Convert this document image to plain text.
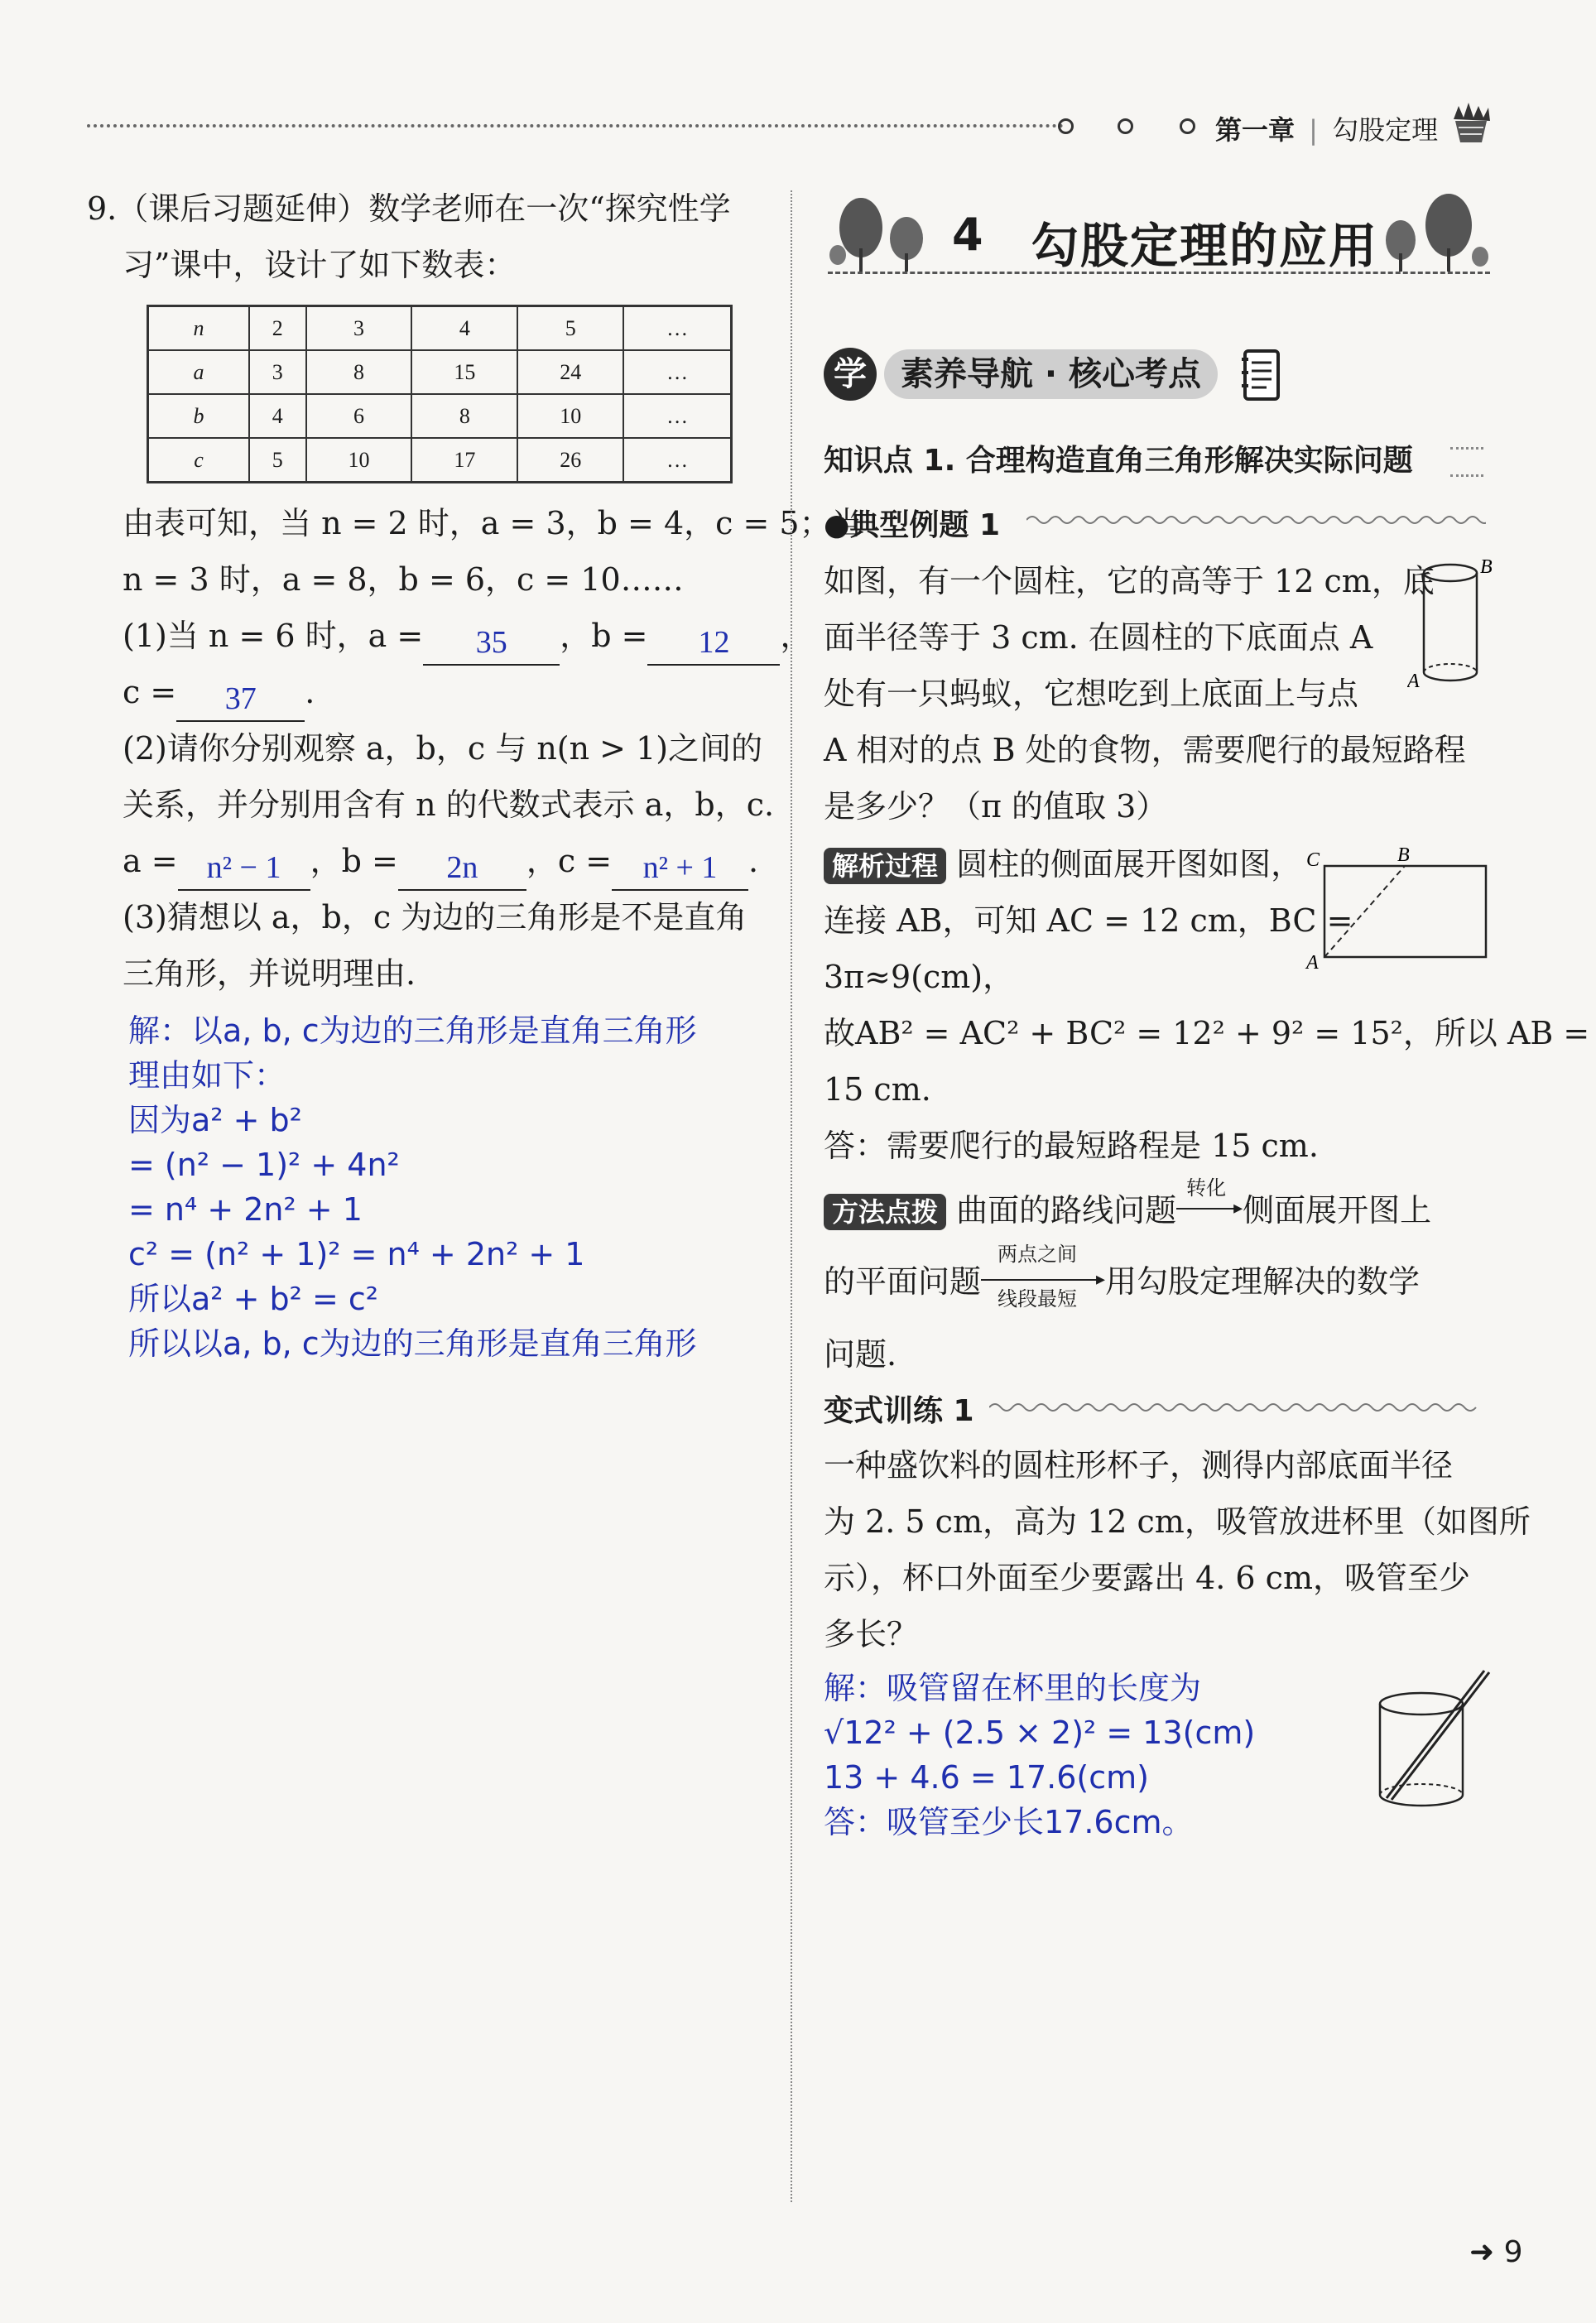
第一章 | 勾股定理
9.（课后习题延伸）数学老师在一次“探究性学
习”课中，设计了如下数表：
n	2	3	4	5	…
a	3	8	15	24	…
b	4	6	8	10	…
c	5	10	17	26	…
由表可知，当 n = 2 时，a = 3，b = 4，c = 5；当
n = 3 时，a = 8，b = 6，c = 10……
(1)当 n = 6 时，a =	35	，b =	12	，
c =	37	.
(2)请你分别观察 a，b，c 与 n(n > 1)之间的
关系，并分别用含有 n 的代数式表示 a，b，c.
a = n² − 1 ，b =	2n	，c = n² + 1 .
(3)猜想以 a，b，c 为边的三角形是不是直角
三角形，并说明理由.
解：以a, b, c为边的三角形是直角三角形
理由如下：
因为a² + b²
= (n² − 1)² + 4n²
= n⁴ + 2n² + 1
c² = (n² + 1)² = n⁴ + 2n² + 1
所以a² + b² = c²
所以以a, b, c为边的三角形是直角三角形
4 勾股定理的应用
学	素养导航 · 核心考点
知识点 1. 合理构造直角三角形解决实际问题
●典型例题 1
如图，有一个圆柱，它的高等于 12 cm，底
面半径等于 3 cm. 在圆柱的下底面点 A
处有一只蚂蚁，它想吃到上底面上与点
A 相对的点 B 处的食物，需要爬行的最短路程
是多少？（π 的值取 3）
B
A
解析过程 圆柱的侧面展开图如图，
连接 AB，可知 AC = 12 cm，BC =
3π≈9(cm)，
故AB² = AC² + BC² = 12² + 9² = 15²，所以 AB =
15 cm.
答：需要爬行的最短路程是 15 cm.
C	B
A
方法点拨 曲面的路线问题
转化
▸ 侧面展开图上
的平面问题
两点之间
▸
线段最短 用勾股定理解决的数学
问题.
变式训练 1
一种盛饮料的圆柱形杯子，测得内部底面半径
为 2. 5 cm，高为 12 cm，吸管放进杯里（如图所
示），杯口外面至少要露出 4. 6 cm，吸管至少
多长？
解：吸管留在杯里的长度为
√12² + (2.5 × 2)² = 13(cm)
13 + 4.6 = 17.6(cm)
答：吸管至少长17.6cm。
➜ 9
